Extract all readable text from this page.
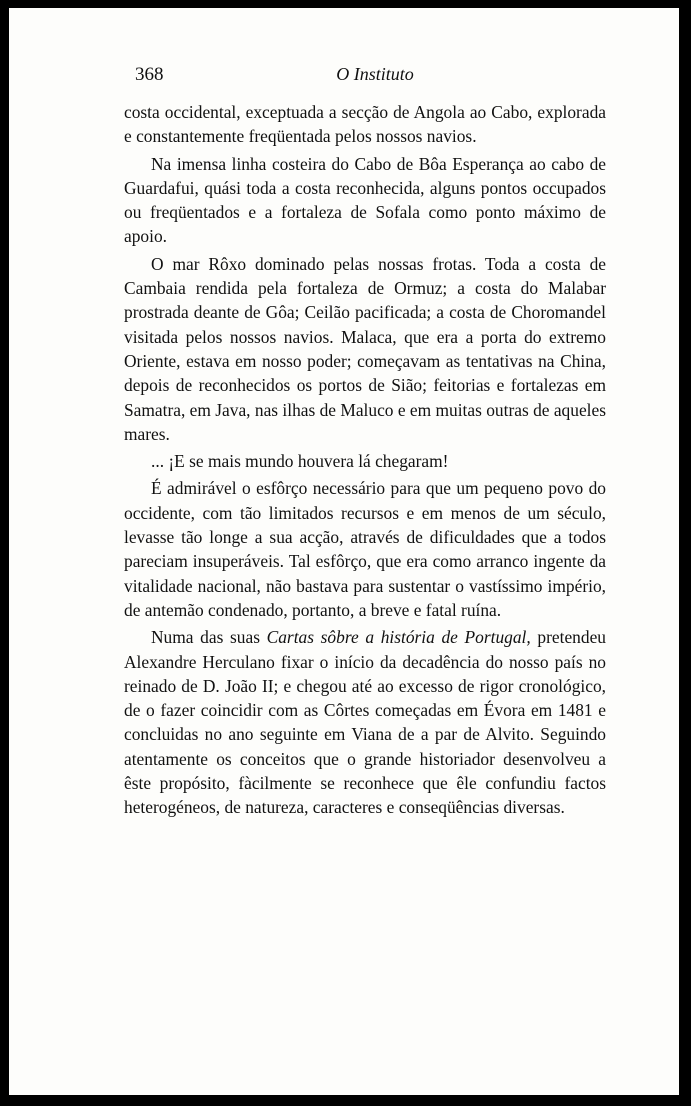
368	O Instituto

costa occidental, exceptuada a secção de Angola ao Cabo, explorada e constantemente freqüentada pelos nossos navios.

Na imensa linha costeira do Cabo de Bôa Esperança ao cabo de Guardafui, quási toda a costa reconhecida, alguns pontos occupados ou freqüentados e a fortaleza de Sofala como ponto máximo de apoio.

O mar Rôxo dominado pelas nossas frotas. Toda a costa de Cambaia rendida pela fortaleza de Ormuz; a costa do Malabar prostrada deante de Gôa; Ceilão pacificada; a costa de Choromandel visitada pelos nossos navios. Malaca, que era a porta do extremo Oriente, estava em nosso poder; começavam as tentativas na China, depois de reconhecidos os portos de Sião; feitorias e fortalezas em Samatra, em Java, nas ilhas de Maluco e em muitas outras de aqueles mares.

... ¡E se mais mundo houvera lá chegaram!

É admirável o esfôrço necessário para que um pequeno povo do occidente, com tão limitados recursos e em menos de um século, levasse tão longe a sua acção, através de dificuldades que a todos pareciam insuperáveis. Tal esfôrço, que era como arranco ingente da vitalidade nacional, não bastava para sustentar o vastíssimo império, de antemão condenado, portanto, a breve e fatal ruína.

Numa das suas Cartas sôbre a história de Portugal, pretendeu Alexandre Herculano fixar o início da decadência do nosso país no reinado de D. João II; e chegou até ao excesso de rigor cronológico, de o fazer coincidir com as Côrtes começadas em Évora em 1481 e concluidas no ano seguinte em Viana de a par de Alvito. Seguindo atentamente os conceitos que o grande historiador desenvolveu a êste propósito, fàcilmente se reconhece que êle confundiu factos heterogéneos, de natureza, caracteres e conseqüências diversas.
